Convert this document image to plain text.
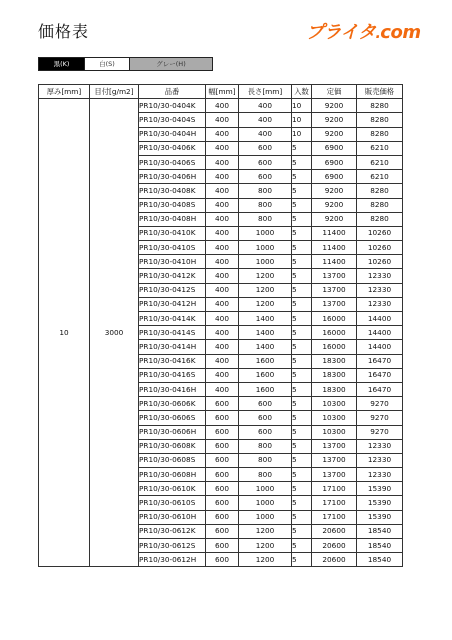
価格表	プライタ.com
黒(K)	白(S)	グレー(H)
厚み[mm]	目付[g/m2]	品番	幅[mm]	長さ[mm]	入数	定価	販売価格
10	3000	PR10/30-0404K	400	400	10	9200	8280
		PR10/30-0404S	400	400	10	9200	8280
		PR10/30-0404H	400	400	10	9200	8280
		PR10/30-0406K	400	600	5	6900	6210
		PR10/30-0406S	400	600	5	6900	6210
		PR10/30-0406H	400	600	5	6900	6210
		PR10/30-0408K	400	800	5	9200	8280
		PR10/30-0408S	400	800	5	9200	8280
		PR10/30-0408H	400	800	5	9200	8280
		PR10/30-0410K	400	1000	5	11400	10260
		PR10/30-0410S	400	1000	5	11400	10260
		PR10/30-0410H	400	1000	5	11400	10260
		PR10/30-0412K	400	1200	5	13700	12330
		PR10/30-0412S	400	1200	5	13700	12330
		PR10/30-0412H	400	1200	5	13700	12330
		PR10/30-0414K	400	1400	5	16000	14400
		PR10/30-0414S	400	1400	5	16000	14400
		PR10/30-0414H	400	1400	5	16000	14400
		PR10/30-0416K	400	1600	5	18300	16470
		PR10/30-0416S	400	1600	5	18300	16470
		PR10/30-0416H	400	1600	5	18300	16470
		PR10/30-0606K	600	600	5	10300	9270
		PR10/30-0606S	600	600	5	10300	9270
		PR10/30-0606H	600	600	5	10300	9270
		PR10/30-0608K	600	800	5	13700	12330
		PR10/30-0608S	600	800	5	13700	12330
		PR10/30-0608H	600	800	5	13700	12330
		PR10/30-0610K	600	1000	5	17100	15390
		PR10/30-0610S	600	1000	5	17100	15390
		PR10/30-0610H	600	1000	5	17100	15390
		PR10/30-0612K	600	1200	5	20600	18540
		PR10/30-0612S	600	1200	5	20600	18540
		PR10/30-0612H	600	1200	5	20600	18540
